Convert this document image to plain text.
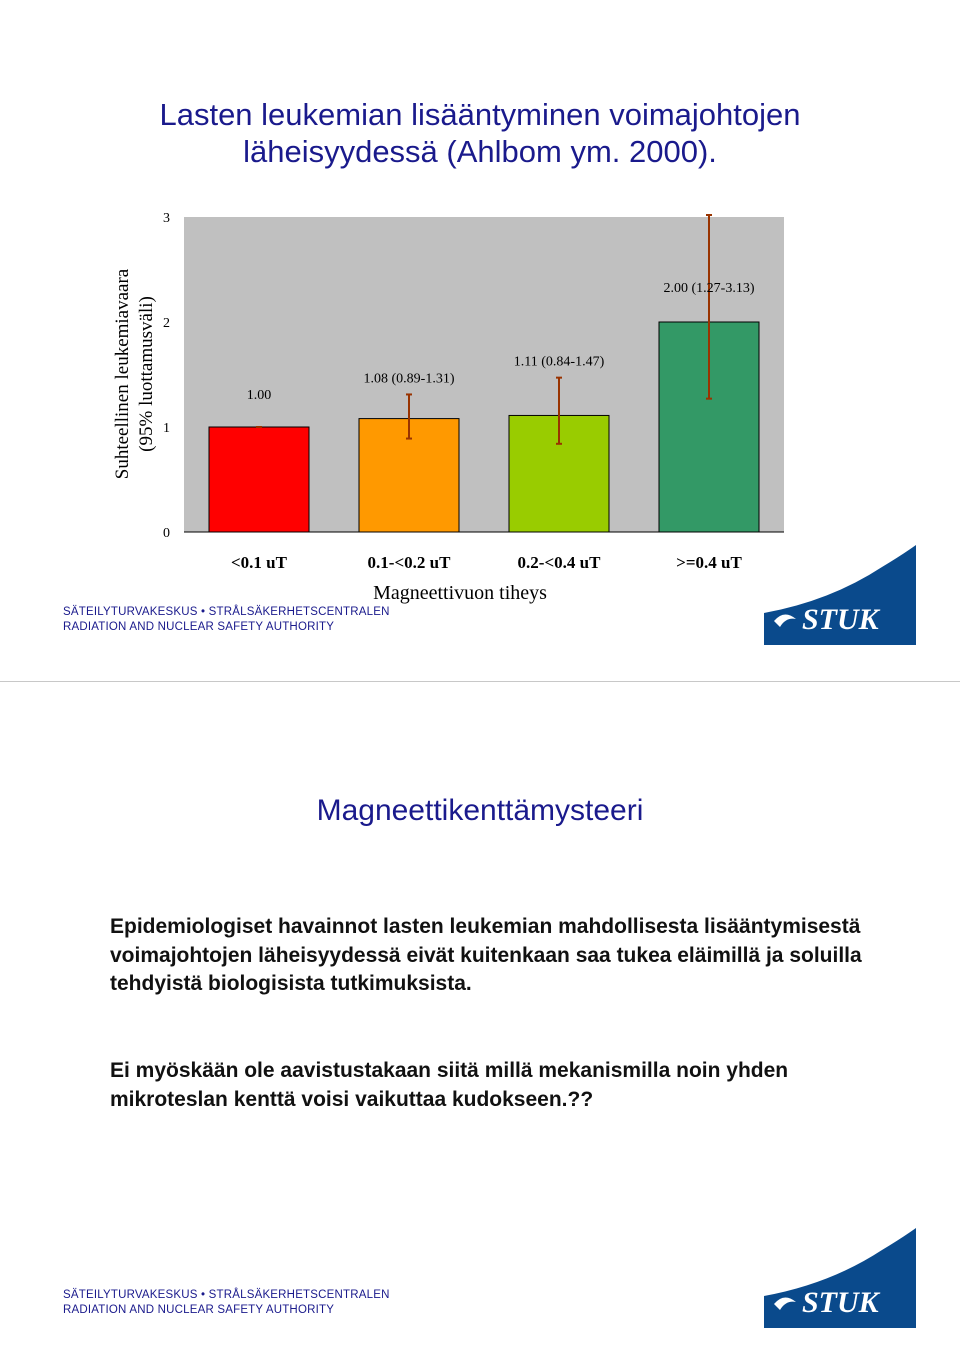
Lasten leukemian lisääntyminen voimajohtojen
läheisyydessä (Ahlbom ym. 2000).
0
1
2
3
1.00
1.08 (0.89-1.31)
1.11 (0.84-1.47)
2.00 (1.27-3.13)
<0.1 uT	0.1-<0.2 uT	0.2-<0.4 uT	>=0.4 uT
Suhteellinen leukemiavaara (95% luottamusväli)
Magneettivuon tiheys
SÄTEILYTURVAKESKUS • STRÅLSÄKERHETSCENTRALEN
RADIATION AND NUCLEAR SAFETY AUTHORITY	STUK
Magneettikenttämysteeri
Epidemiologiset havainnot lasten leukemian mahdollisesta lisääntymisestä voimajohtojen läheisyydessä eivät kuitenkaan saa tukea eläimillä ja soluilla tehdyistä biologisista tutkimuksista.
Ei myöskään ole aavistustakaan siitä millä mekanismilla noin yhden mikroteslan kenttä voisi vaikuttaa kudokseen.??
SÄTEILYTURVAKESKUS • STRÅLSÄKERHETSCENTRALEN
RADIATION AND NUCLEAR SAFETY AUTHORITY	STUK
